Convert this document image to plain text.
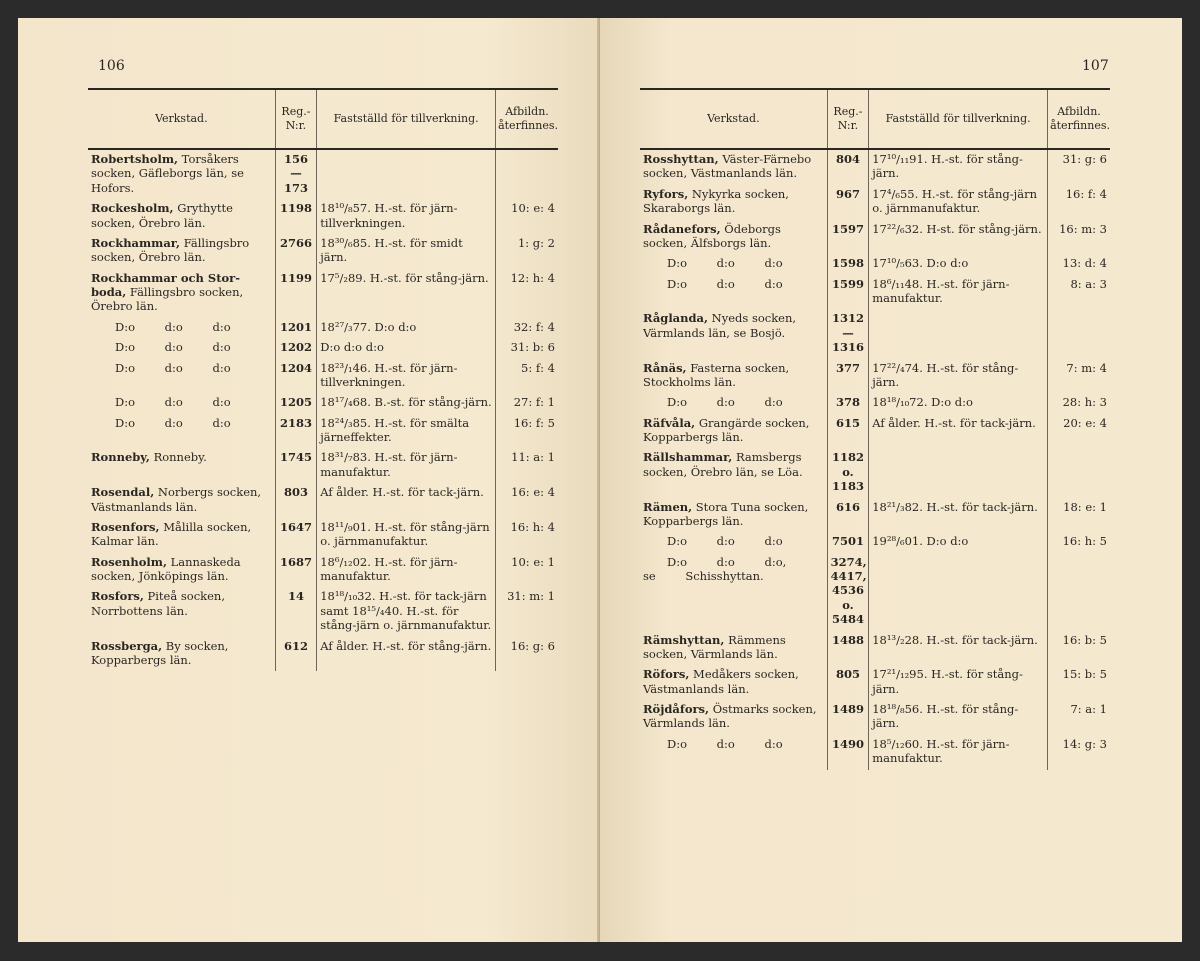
106
Verkstad.	Reg.- N:r.	Fastställd för tillverkning.	Afbildn. återfinnes.
Robertsholm, Torsåkers socken, Gäfleborgs län, se Hofors.	156— 173		
Rockesholm, Grythytte socken, Örebro län.	1198	18¹⁰/₈57. H.-st. för järn-tillverkningen.	10: e: 4
Rockhammar, Fällingsbro socken, Örebro län.	2766	18³⁰/₆85. H.-st. för smidt järn.	1: g: 2
Rockhammar och Stor-boda, Fällingsbro socken, Örebro län.	1199	17⁵/₂89. H.-st. för stång-järn.	12: h: 4
D:o d:o d:o	1201	18²⁷/₃77. D:o d:o	32: f: 4
D:o d:o d:o	1202	D:o d:o d:o	31: b: 6
D:o d:o d:o	1204	18²³/₁46. H.-st. för järn-tillverkningen.	5: f: 4
D:o d:o d:o	1205	18¹⁷/₄68. B.-st. för stång-järn.	27: f: 1
D:o d:o d:o	2183	18²⁴/₃85. H.-st. för smälta järneffekter.	16: f: 5
Ronneby, Ronneby.	1745	18³¹/₇83. H.-st. för järn-manufaktur.	11: a: 1
Rosendal, Norbergs socken, Västmanlands län.	803	Af ålder. H.-st. för tack-järn.	16: e: 4
Rosenfors, Målilla socken, Kalmar län.	1647	18¹¹/₉01. H.-st. för stång-järn o. järnmanufaktur.	16: h: 4
Rosenholm, Lannaskeda socken, Jönköpings län.	1687	18⁶/₁₂02. H.-st. för järn-manufaktur.	10: e: 1
Rosfors, Piteå socken, Norrbottens län.	14	18¹⁸/₁₀32. H.-st. för tack-järn samt 18¹⁵/₄40. H.-st. för stång-järn o. järnmanufaktur.	31: m: 1
Rossberga, By socken, Kopparbergs län.	612	Af ålder. H.-st. för stång-järn.	16: g: 6
107
Verkstad.	Reg.- N:r.	Fastställd för tillverkning.	Afbildn. återfinnes.
Rosshyttan, Väster-Färnebo socken, Västmanlands län.	804	17¹⁰/₁₁91. H.-st. för stång-järn.	31: g: 6
Ryfors, Nykyrka socken, Skaraborgs län.	967	17⁴/₆55. H.-st. för stång-järn o. järnmanufaktur.	16: f: 4
Rådanefors, Ödeborgs socken, Älfsborgs län.	1597	17²²/₆32. H-st. för stång-järn.	16: m: 3
D:o d:o d:o	1598	17¹⁰/₅63. D:o d:o	13: d: 4
D:o d:o d:o	1599	18⁶/₁₁48. H.-st. för järn-manufaktur.	8: a: 3
Råglanda, Nyeds socken, Värmlands län, se Bosjö.	1312— 1316		
Rånäs, Fasterna socken, Stockholms län.	377	17²²/₄74. H.-st. för stång-järn.	7: m: 4
D:o d:o d:o	378	18¹⁸/₁₀72. D:o d:o	28: h: 3
Räfvåla, Grangärde socken, Kopparbergs län.	615	Af ålder. H.-st. för tack-järn.	20: e: 4
Rällshammar, Ramsbergs socken, Örebro län, se Löa.	1182 o. 1183		
Rämen, Stora Tuna socken, Kopparbergs län.	616	18²¹/₃82. H.-st. för tack-järn.	18: e: 1
D:o d:o d:o	7501	19²⁸/₆01. D:o d:o	16: h: 5
D:o d:o d:o, se Schisshyttan.	3274, 4417, 4536 o. 5484		
Rämshyttan, Rämmens socken, Värmlands län.	1488	18¹³/₂28. H.-st. för tack-järn.	16: b: 5
Röfors, Medåkers socken, Västmanlands län.	805	17²¹/₁₂95. H.-st. för stång-järn.	15: b: 5
Röjdåfors, Östmarks socken, Värmlands län.	1489	18¹⁸/₈56. H.-st. för stång-järn.	7: a: 1
D:o d:o d:o	1490	18⁵/₁₂60. H.-st. för järn-manufaktur.	14: g: 3
